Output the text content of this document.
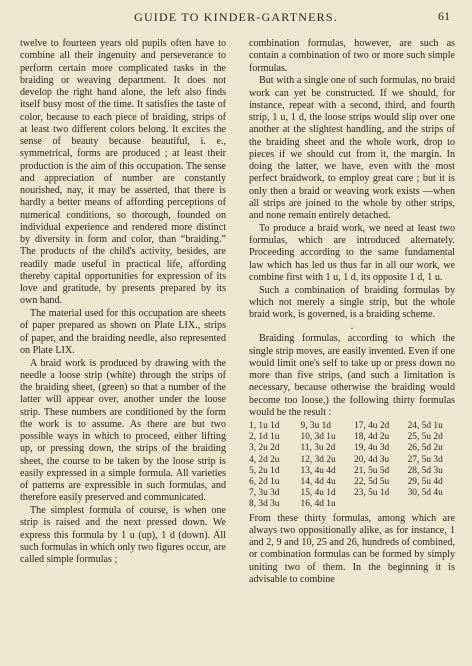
GUIDE TO KINDER-GARTNERS.	61

twelve to fourteen years old pupils often have to combine all their ingenuity and perseverance to perform certain more complicated tasks in the braiding or weaving department. It does not develop the right hand alone, the left also finds itself busy most of the time. It satisfies the taste of color, because to each piece of braiding, strips of at least two different colors belong. It excites the sense of beauty because beautiful, i. e., symmetrical, forms are produced ; at least their production is the aim of this occupation. The sense and appreciation of number are constantly nourished, nay, it may be asserted, that there is hardly a better means of affording perceptions of numerical conditions, so thorough, founded on individual experience and rendered more distinct by diversity in form and color, than “braiding.” The products of the child's activity, besides, are readily made useful in practical life, affording thereby capital opportunities for expression of its love and gratitude, by presents prepared by its own hand.

The material used for this occupation are sheets of paper prepared as shown on Plate LIX., strips of paper, and the braiding needle, also represented on Plate LIX.

A braid work is produced by drawing with the needle a loose strip (white) through the strips of the braiding sheet, (green) so that a number of the latter will appear over, another under the loose strip. These numbers are conditioned by the form the work is to assume. As there are but two possible ways in which to proceed, either lifting up, or pressing down, the strips of the braiding sheet, the course to be taken by the loose strip is easily expressed in a simple formula. All varieties of patterns are expressible in such formulas, and therefore easily preserved and communicated.

The simplest formula of course, is when one strip is raised and the next pressed down. We express this formula by 1 u (up), 1 d (down). All such formulas in which only two figures occur, are called simple formulas ;

combination formulas, however, are such as contain a combination of two or more such simple formulas.

But with a single one of such formulas, no braid work can yet be constructed. If we should, for instance, repeat with a second, third, and fourth strip, 1 u, 1 d, the loose strips would slip over one another at the slightest handling, and the strips of the braiding sheet and the whole work, drop to pieces if we should cut from it, the margin. In doing the latter, we have, even with the most perfect braidwork, to employ great care ; but it is only then a braid or weaving work exists —when all strips are joined to the whole by other strips, and none remain entirely detached.

To produce a braid work, we need at least two formulas, which are introduced alternately. Proceeding according to the same fundamental law which has led us thus far in all our work, we combine first with 1 u, 1 d, its opposite 1 d, 1 u.

Such a combination of braiding formulas by which not merely a single strip, but the whole braid work, is governed, is a braiding scheme.

.

Braiding formulas, according to which the single strip moves, are easily invented. Even if one would limit one's self to take up or press down no more than five strips, (and such a limitation is necessary, because otherwise the braiding would become too loose,) the following thirty formulas would be the result :

1, 1u 1d	9, 3u 1d	17, 4u 2d	24, 5d 1u
2, 1d 1u	10, 3d 1u	18, 4d 2u	25, 5u 2d
3, 2u 2d	11, 3u 2d	19, 4u 3d	26, 5d 2u
4, 2d 2u	12, 3d 2u	20, 4d 3u	27, 5u 3d
5, 2u 1d	13, 4u 4d	21, 5u 5d	28, 5d 3u
6, 2d 1u	14, 4d 4u	22, 5d 5u	29, 5u 4d
7, 3u 3d	15, 4u 1d	23, 5u 1d	30, 5d 4u
8, 3d 3u	16, 4d 1u		

From these thirty formulas, among which are always two oppositionally alike, as for instance, 1 and 2, 9 and 10, 25 and 26, hundreds of combined, or combination formulas can be formed by simply uniting two of them. In the beginning it is advisable to combine
